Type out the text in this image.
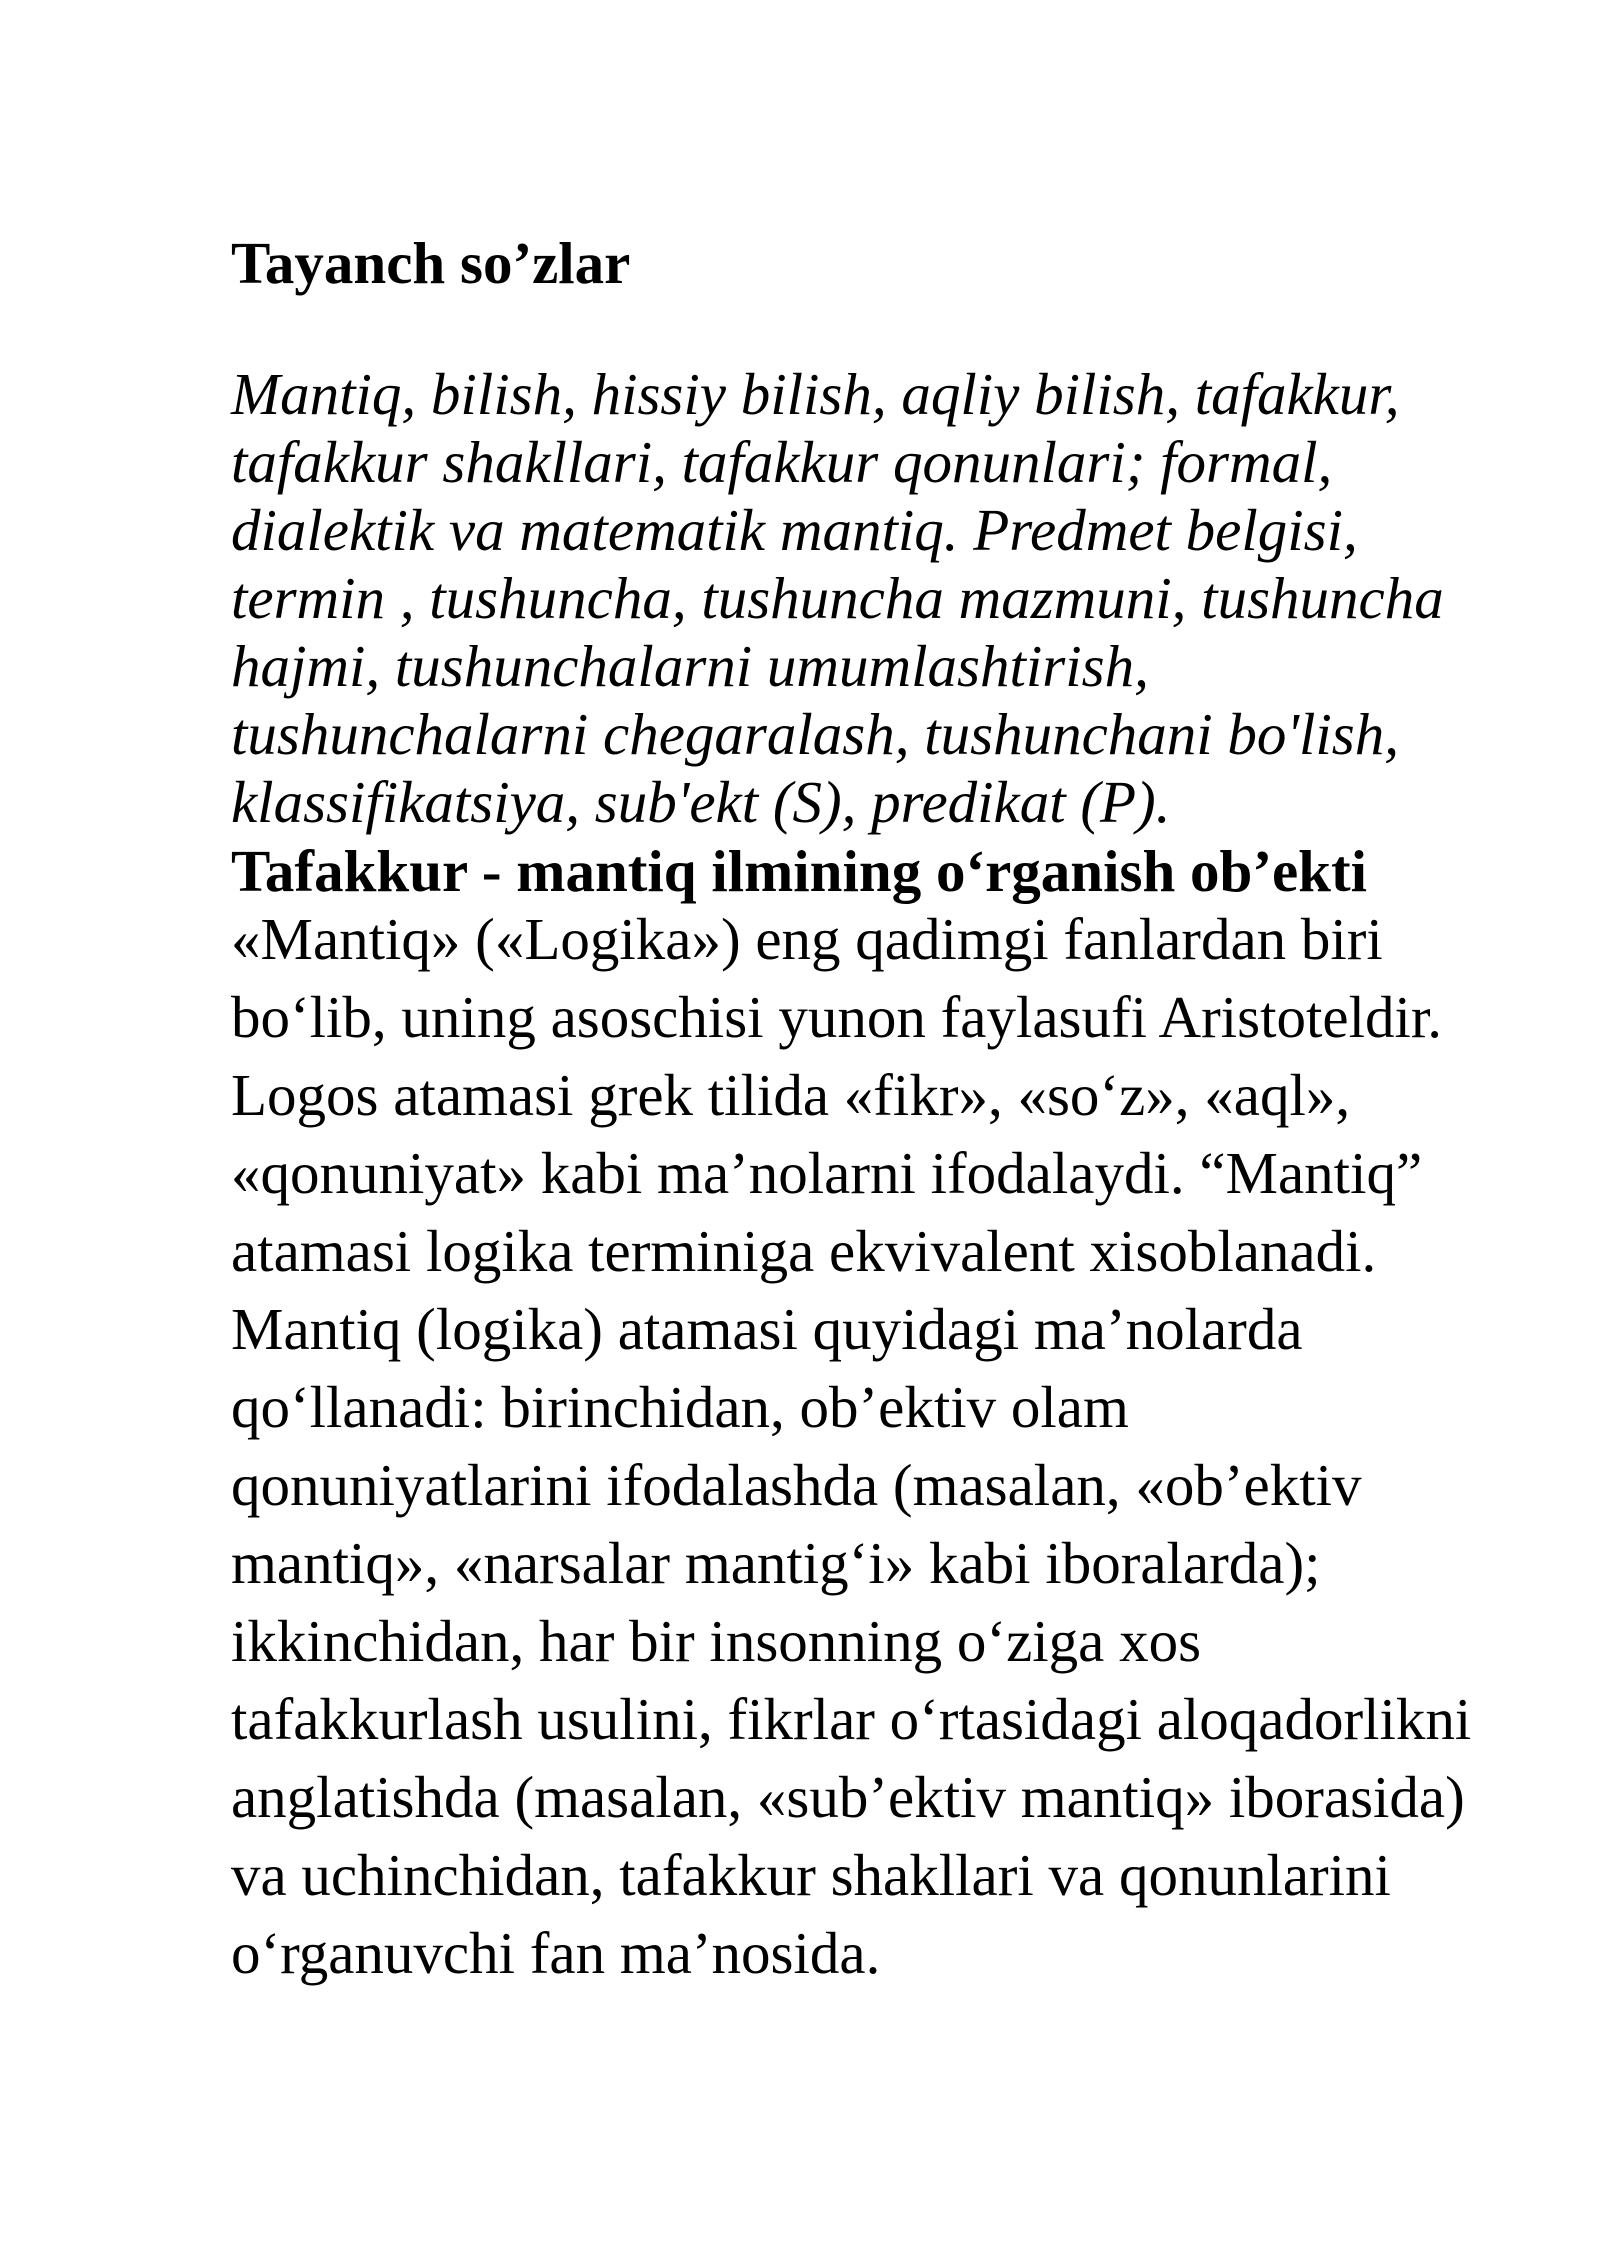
Tayanch so’zlar
Mantiq, bilish, hissiy bilish, aqliy bilish, tafakkur,
tafakkur shakllari, tafakkur qonunlari; formal,
dialektik va matematik mantiq. Predmet belgisi,
termin , tushuncha, tushuncha mazmuni, tushuncha
hajmi, tushunchalarni umumlashtirish,
tushunchalarni chegaralash, tushunchani bo'lish,
klassifikatsiya, sub'ekt (S), predikat (P).
Tafakkur - mantiq ilmining o‘rganish ob’ekti
«Mantiq» («Logika») eng qadimgi fanlardan biri
bo‘lib, uning asoschisi yunon faylasufi Aristoteldir.
Logos atamasi grek tilida «fikr», «so‘z», «aql»,
«qonuniyat» kabi ma’nolarni ifodalaydi. “Mantiq”
atamasi logika terminiga ekvivalent xisoblanadi.
Mantiq (logika) atamasi quyidagi ma’nolarda
qo‘llanadi: birinchidan, ob’ektiv olam
qonuniyatlarini ifodalashda (masalan, «ob’ektiv
mantiq», «narsalar mantig‘i» kabi iboralarda);
ikkinchidan, har bir insonning o‘ziga xos
tafakkurlash usulini, fikrlar o‘rtasidagi aloqadorlikni
anglatishda (masalan, «sub’ektiv mantiq» iborasida)
va uchinchidan, tafakkur shakllari va qonunlarini
o‘rganuvchi fan ma’nosida.
